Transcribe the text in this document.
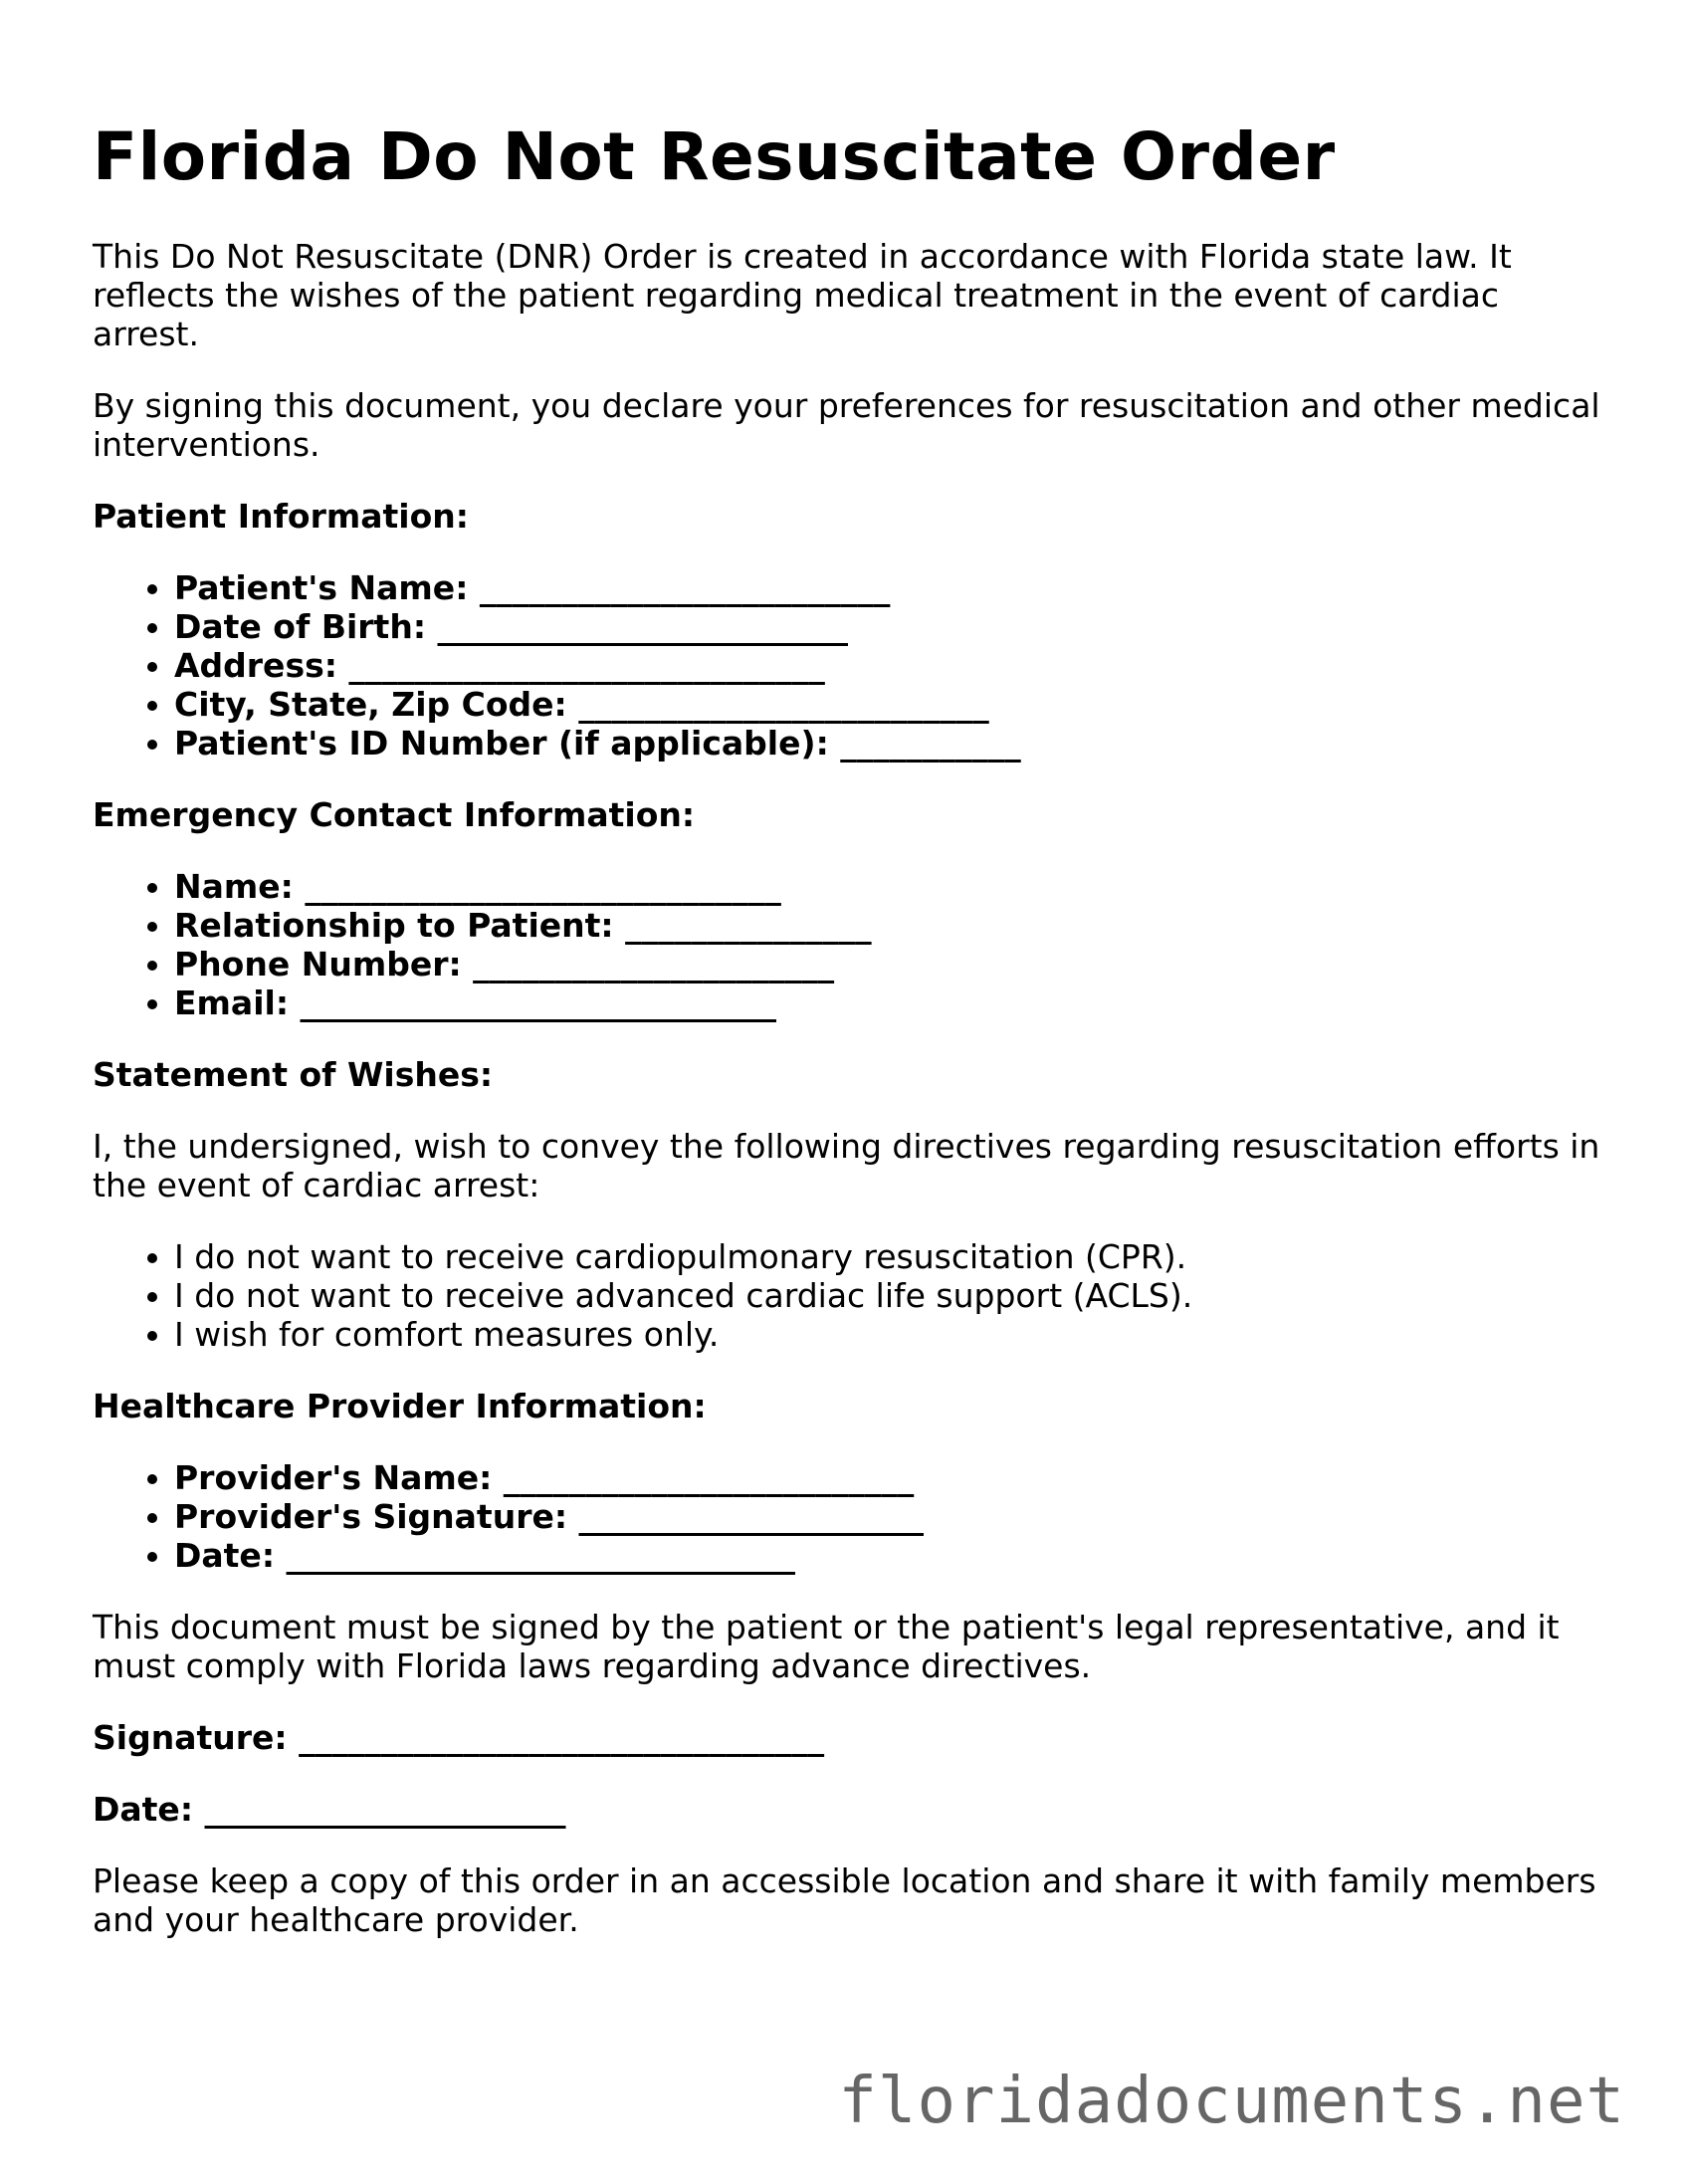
Florida Do Not Resuscitate Order

This Do Not Resuscitate (DNR) Order is created in accordance with Florida state law. It reflects the wishes of the patient regarding medical treatment in the event of cardiac arrest.

By signing this document, you declare your preferences for resuscitation and other medical interventions.

Patient Information:
• Patient's Name: _________________________
• Date of Birth: _________________________
• Address: _____________________________
• City, State, Zip Code: _________________________
• Patient's ID Number (if applicable): ___________
Emergency Contact Information:
• Name: _____________________________
• Relationship to Patient: _______________
• Phone Number: ______________________
• Email: _____________________________
Statement of Wishes:

I, the undersigned, wish to convey the following directives regarding resuscitation efforts in the event of cardiac arrest:

• I do not want to receive cardiopulmonary resuscitation (CPR).
• I do not want to receive advanced cardiac life support (ACLS).
• I wish for comfort measures only.
Healthcare Provider Information:
• Provider's Name: _________________________
• Provider's Signature: _____________________
• Date: _______________________________

This document must be signed by the patient or the patient's legal representative, and it must comply with Florida laws regarding advance directives.

Signature: ________________________________
Date: ______________________

Please keep a copy of this order in an accessible location and share it with family members and your healthcare provider.

floridadocuments.net
